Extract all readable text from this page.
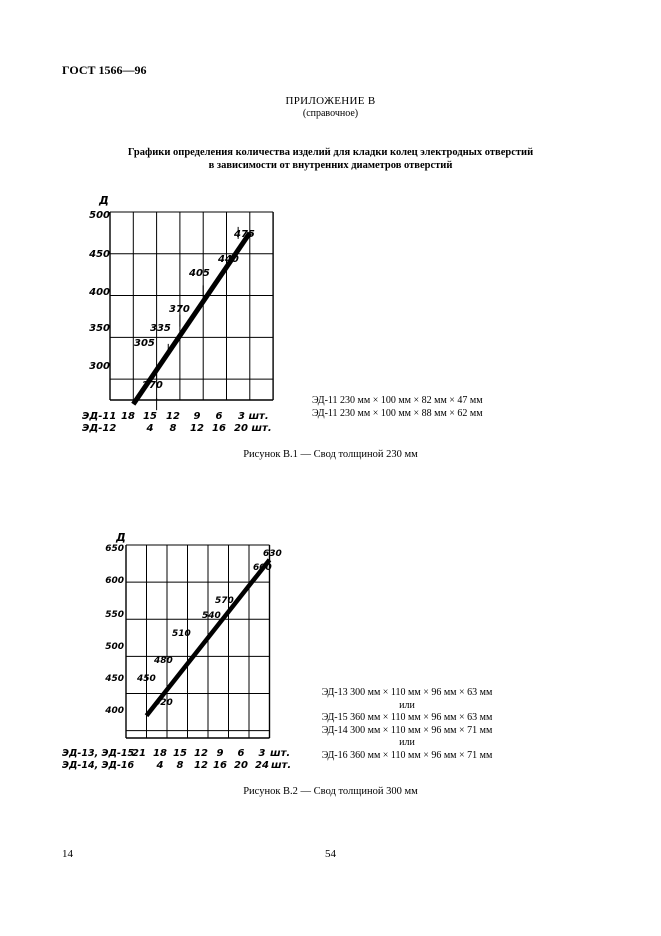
ГОСТ 1566—96
ПРИЛОЖЕНИЕ В
(справочное)
Графики определения количества изделий для кладки колец электродных отверстий
в зависимости от внутренних диаметров отверстий
Д
500
450
400
350
300
ЭД-11
ЭД-12
18 15 12 9 6 3 шт.
4 8 12 16 20 шт.
270
305
335
370
405
440
475
ЭД-11 230 мм × 100 мм × 82 мм × 47 мм
ЭД-11 230 мм × 100 мм × 88 мм × 62 мм
Рисунок В.1 — Свод толщиной 230 мм
Д
650
600
550
500
450
400
ЭД-13, ЭД-15
ЭД-14, ЭД-16
21 18 15 12 9 6 3 шт.
4 8 12 16 20 24 шт.
420
450
480
510
540
570
600
630
ЭД-13 300 мм × 110 мм × 96 мм × 63 мм
или
ЭД-15 360 мм × 110 мм × 96 мм × 63 мм
ЭД-14 300 мм × 110 мм × 96 мм × 71 мм
или
ЭД-16 360 мм × 110 мм × 96 мм × 71 мм
Рисунок В.2 — Свод толщиной 300 мм
14	54
